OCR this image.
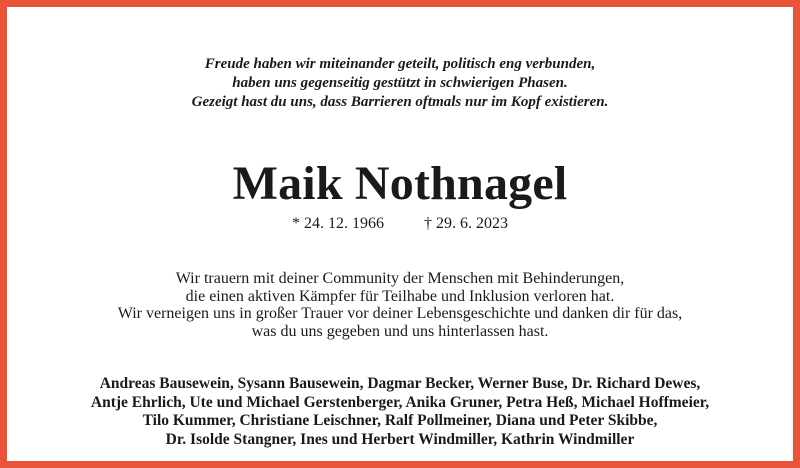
Freude haben wir miteinander geteilt, politisch eng verbunden,
haben uns gegenseitig gestützt in schwierigen Phasen.
Gezeigt hast du uns, dass Barrieren oftmals nur im Kopf existieren.
Maik Nothnagel
* 24. 12. 1966	† 29. 6. 2023
Wir trauern mit deiner Community der Menschen mit Behinderungen,
die einen aktiven Kämpfer für Teilhabe und Inklusion verloren hat.
Wir verneigen uns in großer Trauer vor deiner Lebensgeschichte und danken dir für das,
was du uns gegeben und uns hinterlassen hast.
Andreas Bausewein, Sysann Bausewein, Dagmar Becker, Werner Buse, Dr. Richard Dewes,
Antje Ehrlich, Ute und Michael Gerstenberger, Anika Gruner, Petra Heß, Michael Hoffmeier,
Tilo Kummer, Christiane Leischner, Ralf Pollmeiner, Diana und Peter Skibbe,
Dr. Isolde Stangner, Ines und Herbert Windmiller, Kathrin Windmiller
